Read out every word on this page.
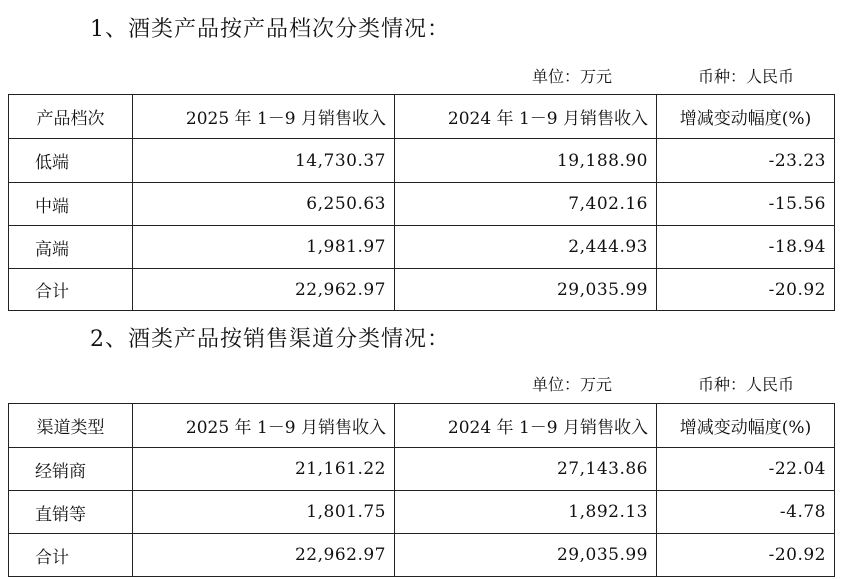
1、酒类产品按产品档次分类情况：
单位：万元	币种：人民币
产品档次	2025 年 1－9 月销售收入	2024 年 1－9 月销售收入	增减变动幅度(%)
低端	14,730.37	19,188.90	-23.23
中端	6,250.63	7,402.16	-15.56
高端	1,981.97	2,444.93	-18.94
合计	22,962.97	29,035.99	-20.92
2、酒类产品按销售渠道分类情况：
单位：万元	币种：人民币
渠道类型	2025 年 1－9 月销售收入	2024 年 1－9 月销售收入	增减变动幅度(%)
经销商	21,161.22	27,143.86	-22.04
直销等	1,801.75	1,892.13	-4.78
合计	22,962.97	29,035.99	-20.92
